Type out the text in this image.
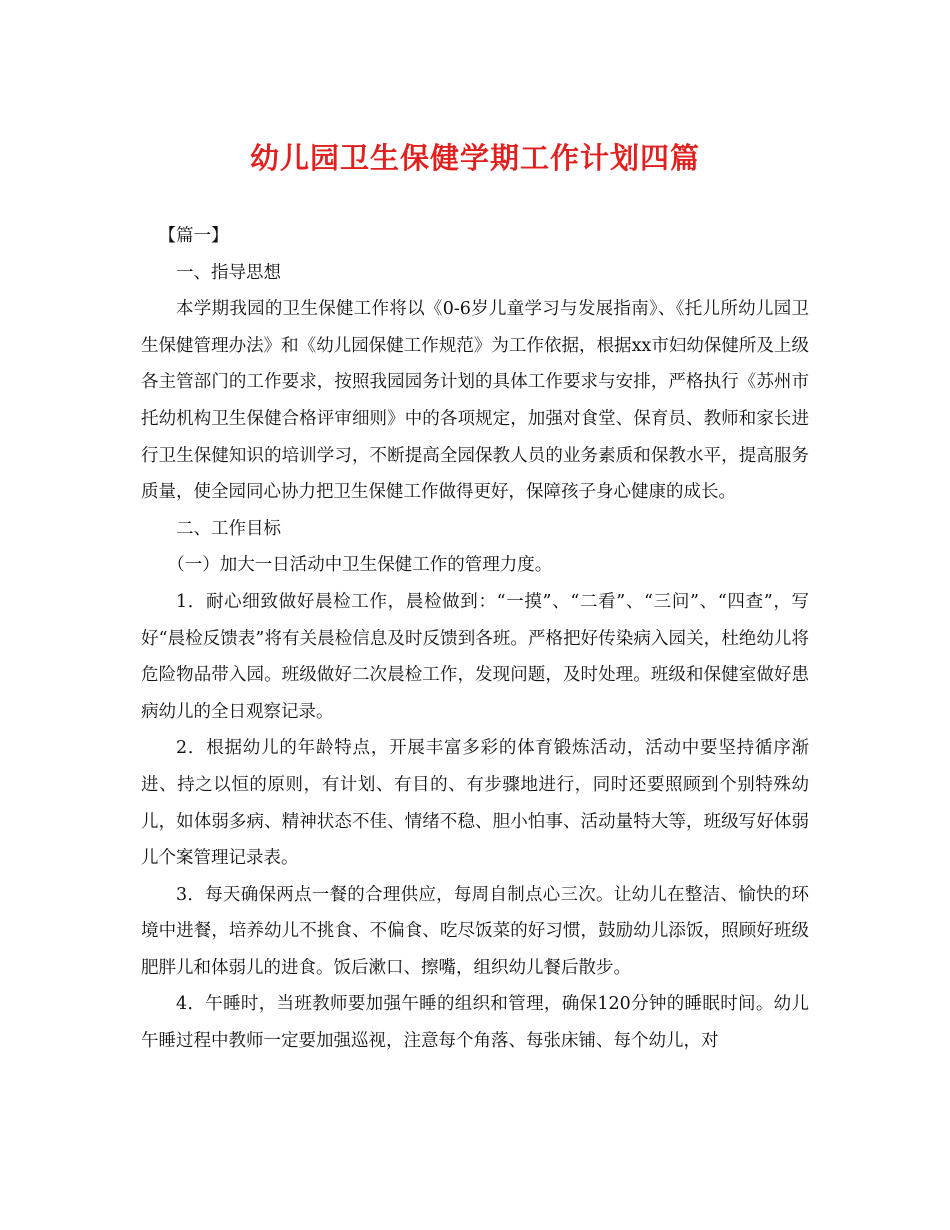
幼儿园卫生保健学期工作计划四篇

【篇一】

一、指导思想

本学期我园的卫生保健工作将以《0-6岁儿童学习与发展指南》、《托儿所幼儿园卫生保健管理办法》和《幼儿园保健工作规范》为工作依据，根据xx市妇幼保健所及上级各主管部门的工作要求，按照我园园务计划的具体工作要求与安排，严格执行《苏州市托幼机构卫生保健合格评审细则》中的各项规定，加强对食堂、保育员、教师和家长进行卫生保健知识的培训学习，不断提高全园保教人员的业务素质和保教水平，提高服务质量，使全园同心协力把卫生保健工作做得更好，保障孩子身心健康的成长。

二、工作目标

（一）加大一日活动中卫生保健工作的管理力度。

1．耐心细致做好晨检工作，晨检做到：“一摸”、“二看”、“三问”、“四查”，写好“晨检反馈表”将有关晨检信息及时反馈到各班。严格把好传染病入园关，杜绝幼儿将危险物品带入园。班级做好二次晨检工作，发现问题，及时处理。班级和保健室做好患病幼儿的全日观察记录。

2．根据幼儿的年龄特点，开展丰富多彩的体育锻炼活动，活动中要坚持循序渐进、持之以恒的原则，有计划、有目的、有步骤地进行，同时还要照顾到个别特殊幼儿，如体弱多病、精神状态不佳、情绪不稳、胆小怕事、活动量特大等，班级写好体弱儿个案管理记录表。

3．每天确保两点一餐的合理供应，每周自制点心三次。让幼儿在整洁、愉快的环境中进餐，培养幼儿不挑食、不偏食、吃尽饭菜的好习惯，鼓励幼儿添饭，照顾好班级肥胖儿和体弱儿的进食。饭后漱口、擦嘴，组织幼儿餐后散步。

4．午睡时，当班教师要加强午睡的组织和管理，确保120分钟的睡眠时间。幼儿午睡过程中教师一定要加强巡视，注意每个角落、每张床铺、每个幼儿，对
